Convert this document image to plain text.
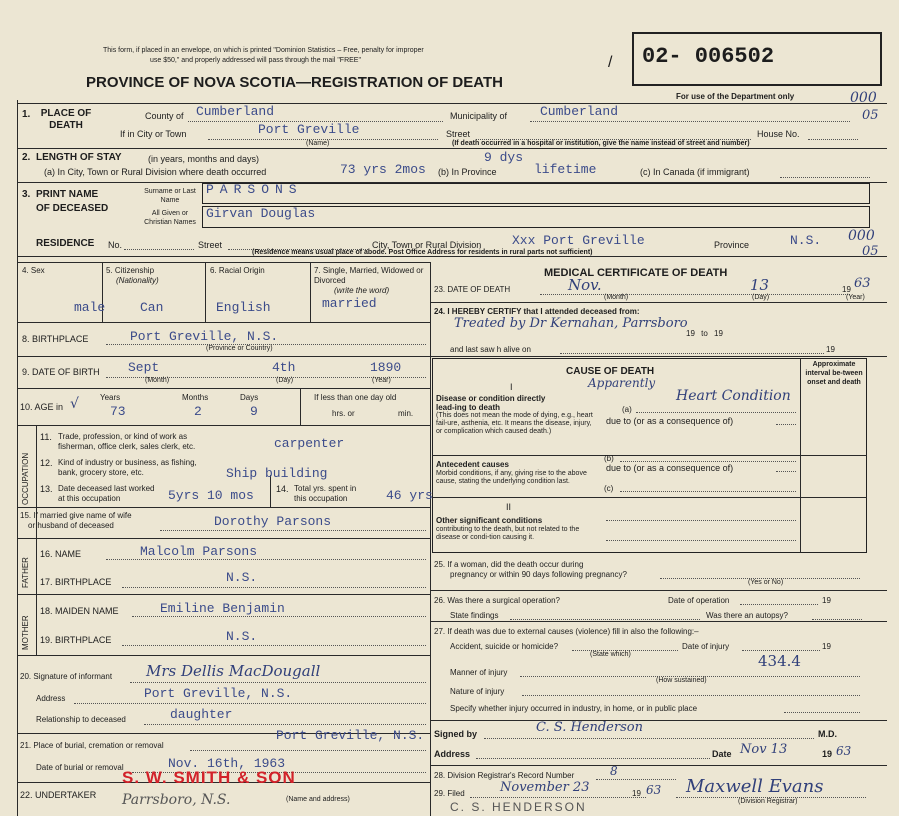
This form, if placed in an envelope, on which is printed "Dominion Statistics – Free, penalty for improper
use $50," and properly addressed will pass through the mail "FREE"
PROVINCE OF NOVA SCOTIA—REGISTRATION OF DEATH
02- 006502
/
For use of the Department only	000
05
000
05
1.	PLACE OF DEATH
County of Cumberland	Municipality of	Cumberland
If in City or Town	Port Greville	Street	House No.
(Name)	(If death occurred in a hospital or institution, give the name instead of street and number)
2. LENGTH OF STAY	(in years, months and days)	9 dys
(a) In City, Town or Rural Division where death occurred	73 yrs 2mos (b) In Province	lifetime	(c) In Canada (if immigrant)
3. PRINT NAME
OF DECEASED
Surname or Last Name
PARSONS
All Given or Christian Names
Girvan Douglas
RESIDENCE No.	Street	City, Town or Rural Division Xxx Port Greville	Province	N.S.
(Residence means usual place of abode. Post Office Address for residents in rural parts not sufficient)
4. Sex
male
5. Citizenship
(Nationality)
Can
6. Racial Origin
English
7. Single, Married, Widowed or Divorced
(write the word)
married
8. BIRTHPLACE	Port Greville, N.S.
(Province or Country)
9. DATE OF BIRTH Sept	4th	1890
(Month)	(Day)	(Year)
10. AGE in √	Years	Months	Days
73	2	9
If less than one day old
hrs. or	min.
OCCUPATION
11. Trade, profession, or kind of work as
fisherman, office clerk, sales clerk, etc.	carpenter
12. Kind of industry or business, as fishing,
bank, grocery store, etc.	Ship building
13. Date deceased last worked
at this occupation	5yrs 10 mos 14. Total yrs. spent in
this occupation	46 yrs
15. If married give name of wife
or husband of deceased	Dorothy Parsons
FATHER
16. NAME	Malcolm Parsons
17. BIRTHPLACE	N.S.
MOTHER
18. MAIDEN NAME	Emiline Benjamin
19. BIRTHPLACE	N.S.
20. Signature of informant Mrs Dellis MacDougall
Address	Port Greville, N.S.
Relationship to deceased	daughter
21. Place of burial, cremation or removal
Port Greville, N.S.
Date of burial or removal	Nov. 16th, 1963
22. UNDERTAKER
S. W. SMITH & SON
Parrsboro, N.S.	(Name and address)
MEDICAL CERTIFICATE OF DEATH
23. DATE OF DEATH	Nov.	13	19 63
(Month)	(Day)	(Year)
24. I HEREBY CERTIFY that I attended deceased from:
Treated by Dr Kernahan, Parrsboro
19 to 19
and last saw h alive on	19
CAUSE OF DEATH
Approximate interval be-tween onset and death
I
Disease or condition directly lead-ing to death
(This does not mean the mode of dying, e.g., heart fail-ure, asthenia, etc. It means the disease, injury, or complication which caused death.)
Apparently
Heart Condition
(a)
due to (or as a consequence of)
Antecedent causes
Morbid conditions, if any, giving rise to the above cause, stating the underlying condition last.
(b)
due to (or as a consequence of)
(c)
II
Other significant conditions
contributing to the death, but not related to the disease or condi-tion causing it.
25. If a woman, did the death occur during
pregnancy or within 90 days following pregnancy?
(Yes or No)
26. Was there a surgical operation?	Date of operation	19
State findings	Was there an autopsy?
27. If death was due to external causes (violence) fill in also the following:–
Accident, suicide or homicide?
(State which)
Date of injury	19
434.4
Manner of injury
(How sustained)
Nature of injury
Specify whether injury occurred in industry, in home, or in public place
Signed by	C. S. Henderson	M.D.
Address	Date Nov 13	19 63
28. Division Registrar's Record Number	8
29. Filed	November 23	19 63 Maxwell Evans
(Division Registrar)
C. S. HENDERSON
